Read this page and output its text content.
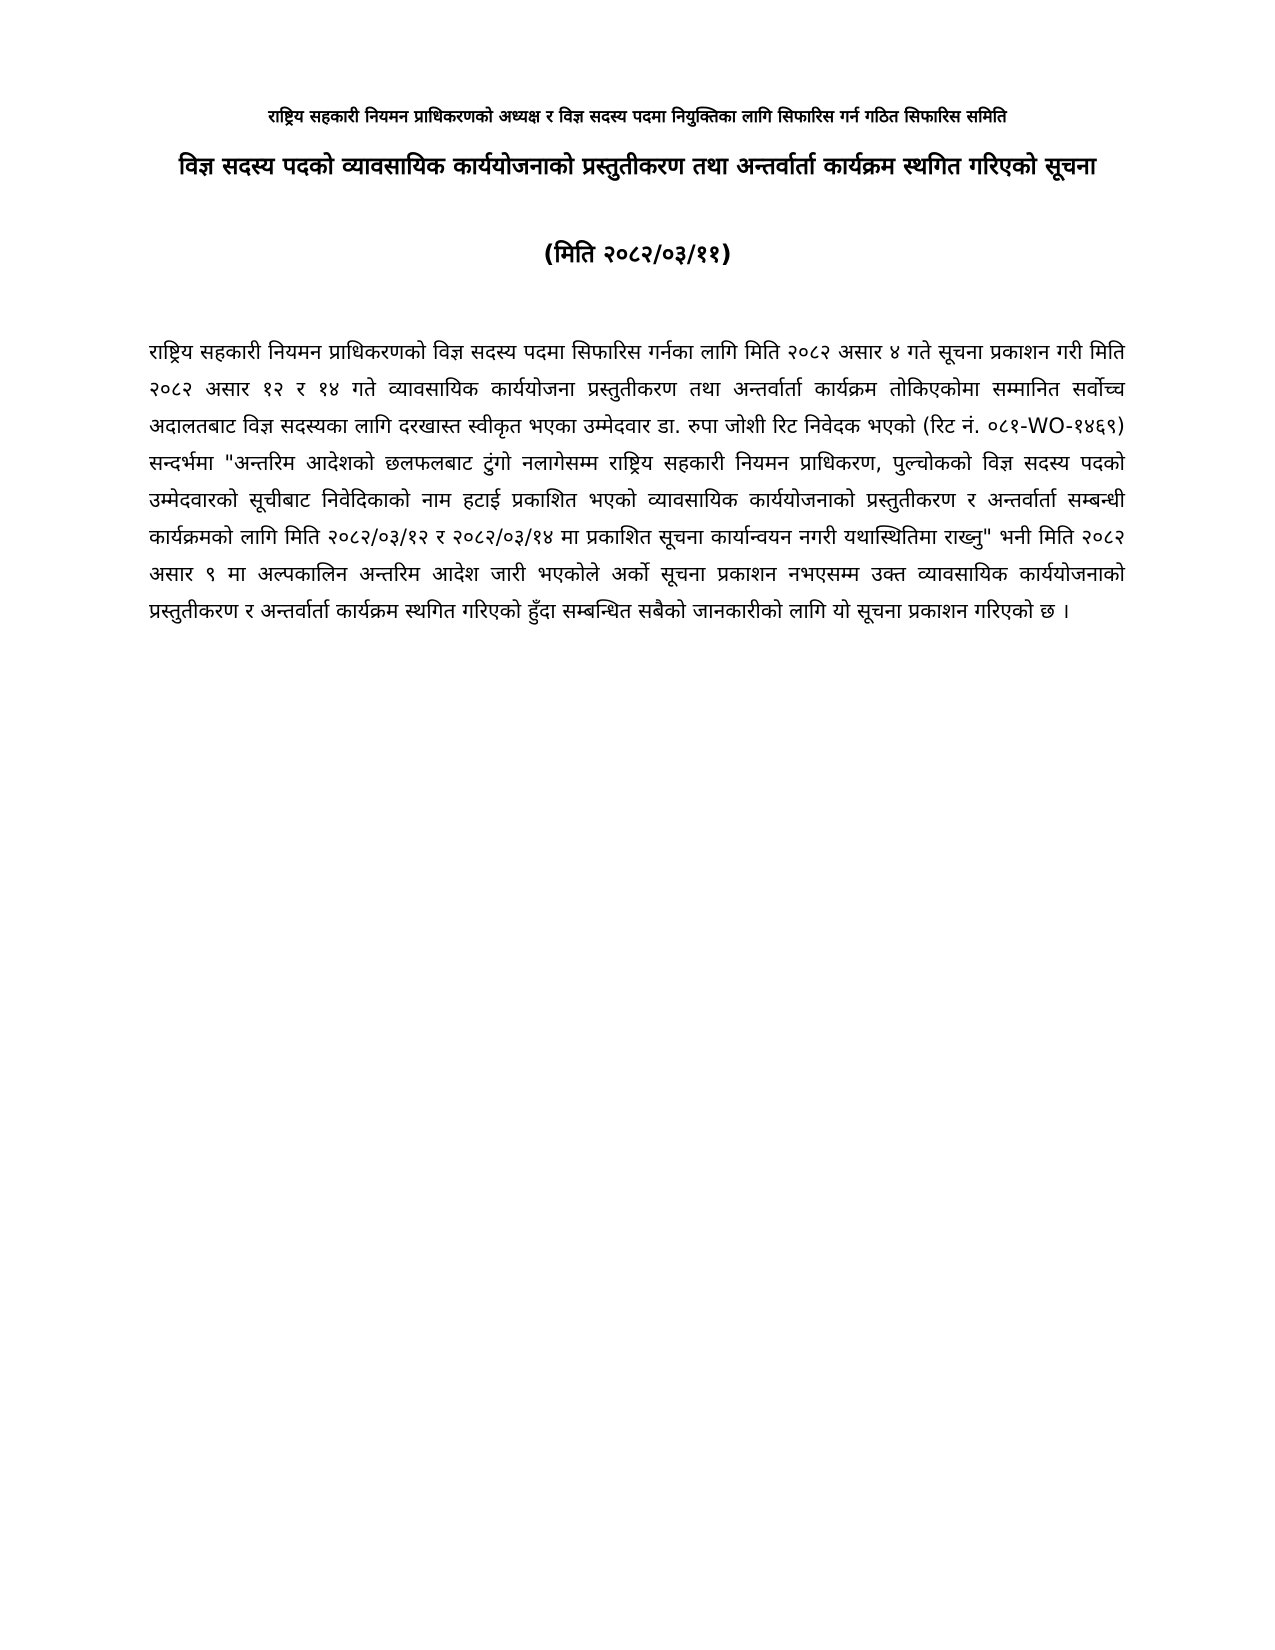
राष्ट्रिय सहकारी नियमन प्राधिकरणको अध्यक्ष र विज्ञ सदस्य पदमा नियुक्तिका लागि सिफारिस गर्न गठित सिफारिस समिति
विज्ञ सदस्य पदको व्यावसायिक कार्ययोजनाको प्रस्तुतीकरण तथा अन्तर्वार्ता कार्यक्रम स्थगित गरिएको सूचना
(मिति २०८२/०३/११)
राष्ट्रिय सहकारी नियमन प्राधिकरणको विज्ञ सदस्य पदमा सिफारिस गर्नका लागि मिति २०८२ असार ४ गते सूचना प्रकाशन गरी मिति २०८२ असार १२ र १४ गते व्यावसायिक कार्ययोजना प्रस्तुतीकरण तथा अन्तर्वार्ता कार्यक्रम तोकिएकोमा सम्मानित सर्वोच्च अदालतबाट विज्ञ सदस्यका लागि दरखास्त स्वीकृत भएका उम्मेदवार डा. रुपा जोशी रिट निवेदक भएको (रिट नं. ०८१-WO-१४६९) सन्दर्भमा "अन्तरिम आदेशको छलफलबाट टुंगो नलागेसम्म राष्ट्रिय सहकारी नियमन प्राधिकरण, पुल्चोकको विज्ञ सदस्य पदको उम्मेदवारको सूचीबाट निवेदिकाको नाम हटाई प्रकाशित भएको व्यावसायिक कार्ययोजनाको प्रस्तुतीकरण र अन्तर्वार्ता सम्बन्धी कार्यक्रमको लागि मिति २०८२/०३/१२ र २०८२/०३/१४ मा प्रकाशित सूचना कार्यान्वयन नगरी यथास्थितिमा राख्नु" भनी मिति २०८२ असार ९ मा अल्पकालिन अन्तरिम आदेश जारी भएकोले अर्को सूचना प्रकाशन नभएसम्म उक्त व्यावसायिक कार्ययोजनाको प्रस्तुतीकरण र अन्तर्वार्ता कार्यक्रम स्थगित गरिएको हुँदा सम्बन्धित सबैको जानकारीको लागि यो सूचना प्रकाशन गरिएको छ ।
